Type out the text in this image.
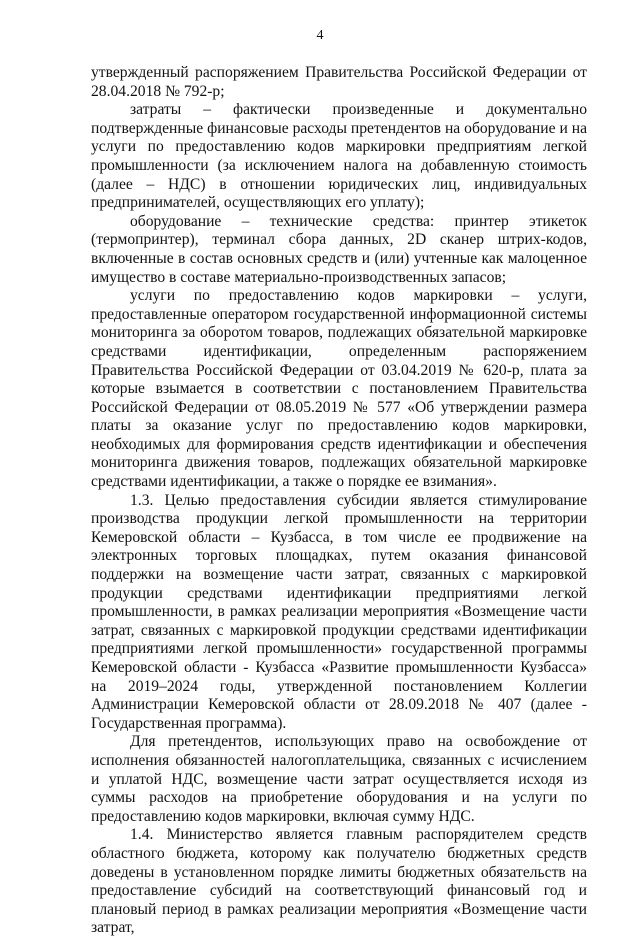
4

утвержденный распоряжением Правительства Российской Федерации от 28.04.2018 № 792-р;

затраты – фактически произведенные и документально подтвержденные финансовые расходы претендентов на оборудование и на услуги по предоставлению кодов маркировки предприятиям легкой промышленности (за исключением налога на добавленную стоимость (далее – НДС) в отношении юридических лиц, индивидуальных предпринимателей, осуществляющих его уплату);

оборудование – технические средства: принтер этикеток (термопринтер), терминал сбора данных, 2D сканер штрих-кодов, включенные в состав основных средств и (или) учтенные как малоценное имущество в составе материально-производственных запасов;

услуги по предоставлению кодов маркировки – услуги, предоставленные оператором государственной информационной системы мониторинга за оборотом товаров, подлежащих обязательной маркировке средствами идентификации, определенным распоряжением Правительства Российской Федерации от 03.04.2019 № 620-р, плата за которые взымается в соответствии с постановлением Правительства Российской Федерации от 08.05.2019 № 577 «Об утверждении размера платы за оказание услуг по предоставлению кодов маркировки, необходимых для формирования средств идентификации и обеспечения мониторинга движения товаров, подлежащих обязательной маркировке средствами идентификации, а также о порядке ее взимания».

1.3. Целью предоставления субсидии является стимулирование производства продукции легкой промышленности на территории Кемеровской области – Кузбасса, в том числе ее продвижение на электронных торговых площадках, путем оказания финансовой поддержки на возмещение части затрат, связанных с маркировкой продукции средствами идентификации предприятиями легкой промышленности, в рамках реализации мероприятия «Возмещение части затрат, связанных с маркировкой продукции средствами идентификации предприятиями легкой промышленности» государственной программы Кемеровской области - Кузбасса «Развитие промышленности Кузбасса» на 2019–2024 годы, утвержденной постановлением Коллегии Администрации Кемеровской области от 28.09.2018 № 407 (далее - Государственная программа).

Для претендентов, использующих право на освобождение от исполнения обязанностей налогоплательщика, связанных с исчислением и уплатой НДС, возмещение части затрат осуществляется исходя из суммы расходов на приобретение оборудования и на услуги по предоставлению кодов маркировки, включая сумму НДС.

1.4. Министерство является главным распорядителем средств областного бюджета, которому как получателю бюджетных средств доведены в установленном порядке лимиты бюджетных обязательств на предоставление субсидий на соответствующий финансовый год и плановый период в рамках реализации мероприятия «Возмещение части затрат,
